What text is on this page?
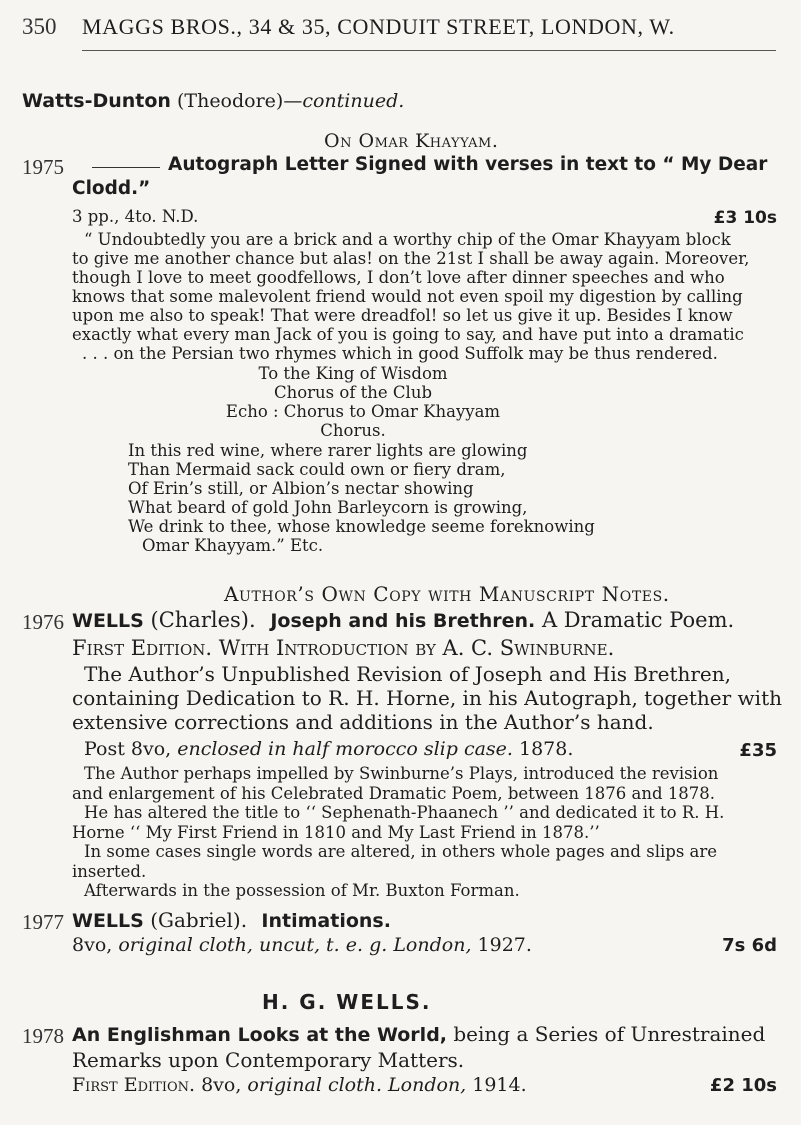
350 MAGGS BROS., 34 & 35, CONDUIT STREET, LONDON, W.
Watts-Dunton (Theodore)—continued.
On Omar Khayyam.
1975	Autograph Letter Signed with verses in text to “ My Dear
Clodd.”
3 pp., 4to. N.D.	£3 10s
“ Undoubtedly you are a brick and a worthy chip of the Omar Khayyam block
to give me another chance but alas! on the 21st I shall be away again. Moreover,
though I love to meet goodfellows, I don’t love after dinner speeches and who
knows that some malevolent friend would not even spoil my digestion by calling
upon me also to speak! That were dreadfol! so let us give it up. Besides I know
exactly what every man Jack of you is going to say, and have put into a dramatic
. . . on the Persian two rhymes which in good Suffolk may be thus rendered.
To the King of Wisdom
Chorus of the Club
Echo : Chorus to Omar Khayyam
Chorus.
In this red wine, where rarer lights are glowing
Than Mermaid sack could own or fiery dram,
Of Erin’s still, or Albion’s nectar showing
What beard of gold John Barleycorn is growing,
We drink to thee, whose knowledge seeme foreknowing
Omar Khayyam.” Etc.
Author’s Own Copy with Manuscript Notes.
1976 WELLS (Charles). Joseph and his Brethren. A Dramatic Poem.
First Edition. With Introduction by A. C. Swinburne.
The Author’s Unpublished Revision of Joseph and His Brethren,
containing Dedication to R. H. Horne, in his Autograph, together with
extensive corrections and additions in the Author’s hand.
Post 8vo, enclosed in half morocco slip case. 1878.	£35
The Author perhaps impelled by Swinburne’s Plays, introduced the revision
and enlargement of his Celebrated Dramatic Poem, between 1876 and 1878.
He has altered the title to ‘‘ Sephenath-Phaanech ’’ and dedicated it to R. H.
Horne ‘‘ My First Friend in 1810 and My Last Friend in 1878.’’
In some cases single words are altered, in others whole pages and slips are
inserted.
Afterwards in the possession of Mr. Buxton Forman.
1977 WELLS (Gabriel). Intimations.
8vo, original cloth, uncut, t. e. g. London, 1927.	7s 6d
H. G. WELLS.
1978 An Englishman Looks at the World, being a Series of Unrestrained
Remarks upon Contemporary Matters.
First Edition. 8vo, original cloth. London, 1914.	£2 10s
